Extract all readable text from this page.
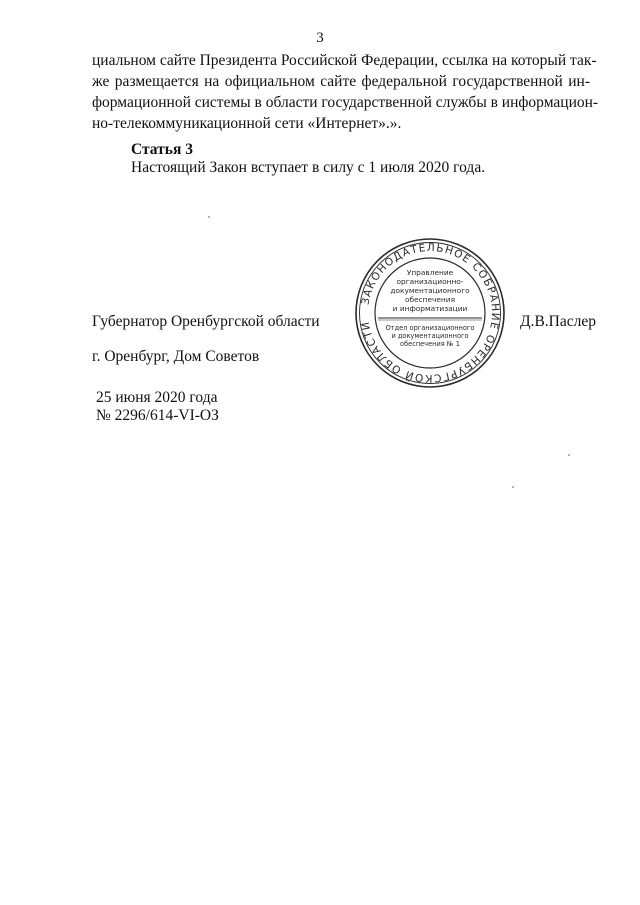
3
циальном сайте Президента Российской Федерации, ссылка на который так-
же размещается на официальном сайте федеральной государственной ин-
формационной системы в области государственной службы в информацион-
но-телекоммуникационной сети «Интернет».».
Статья 3
Настоящий Закон вступает в силу с 1 июля 2020 года.
Губернатор Оренбургской области	Д.В.Паслер
г. Оренбург, Дом Советов
25 июня 2020 года
№ 2296/614-VI-ОЗ
ЗАКОНОДАТЕЛЬНОЕ СОБРАНИЕ ОРЕНБУРГСКОЙ ОБЛАСТИ
Управление
организационно-
документационного
обеспечения
и информатизации
Отдел организационного
и документационного
обеспечения № 1
